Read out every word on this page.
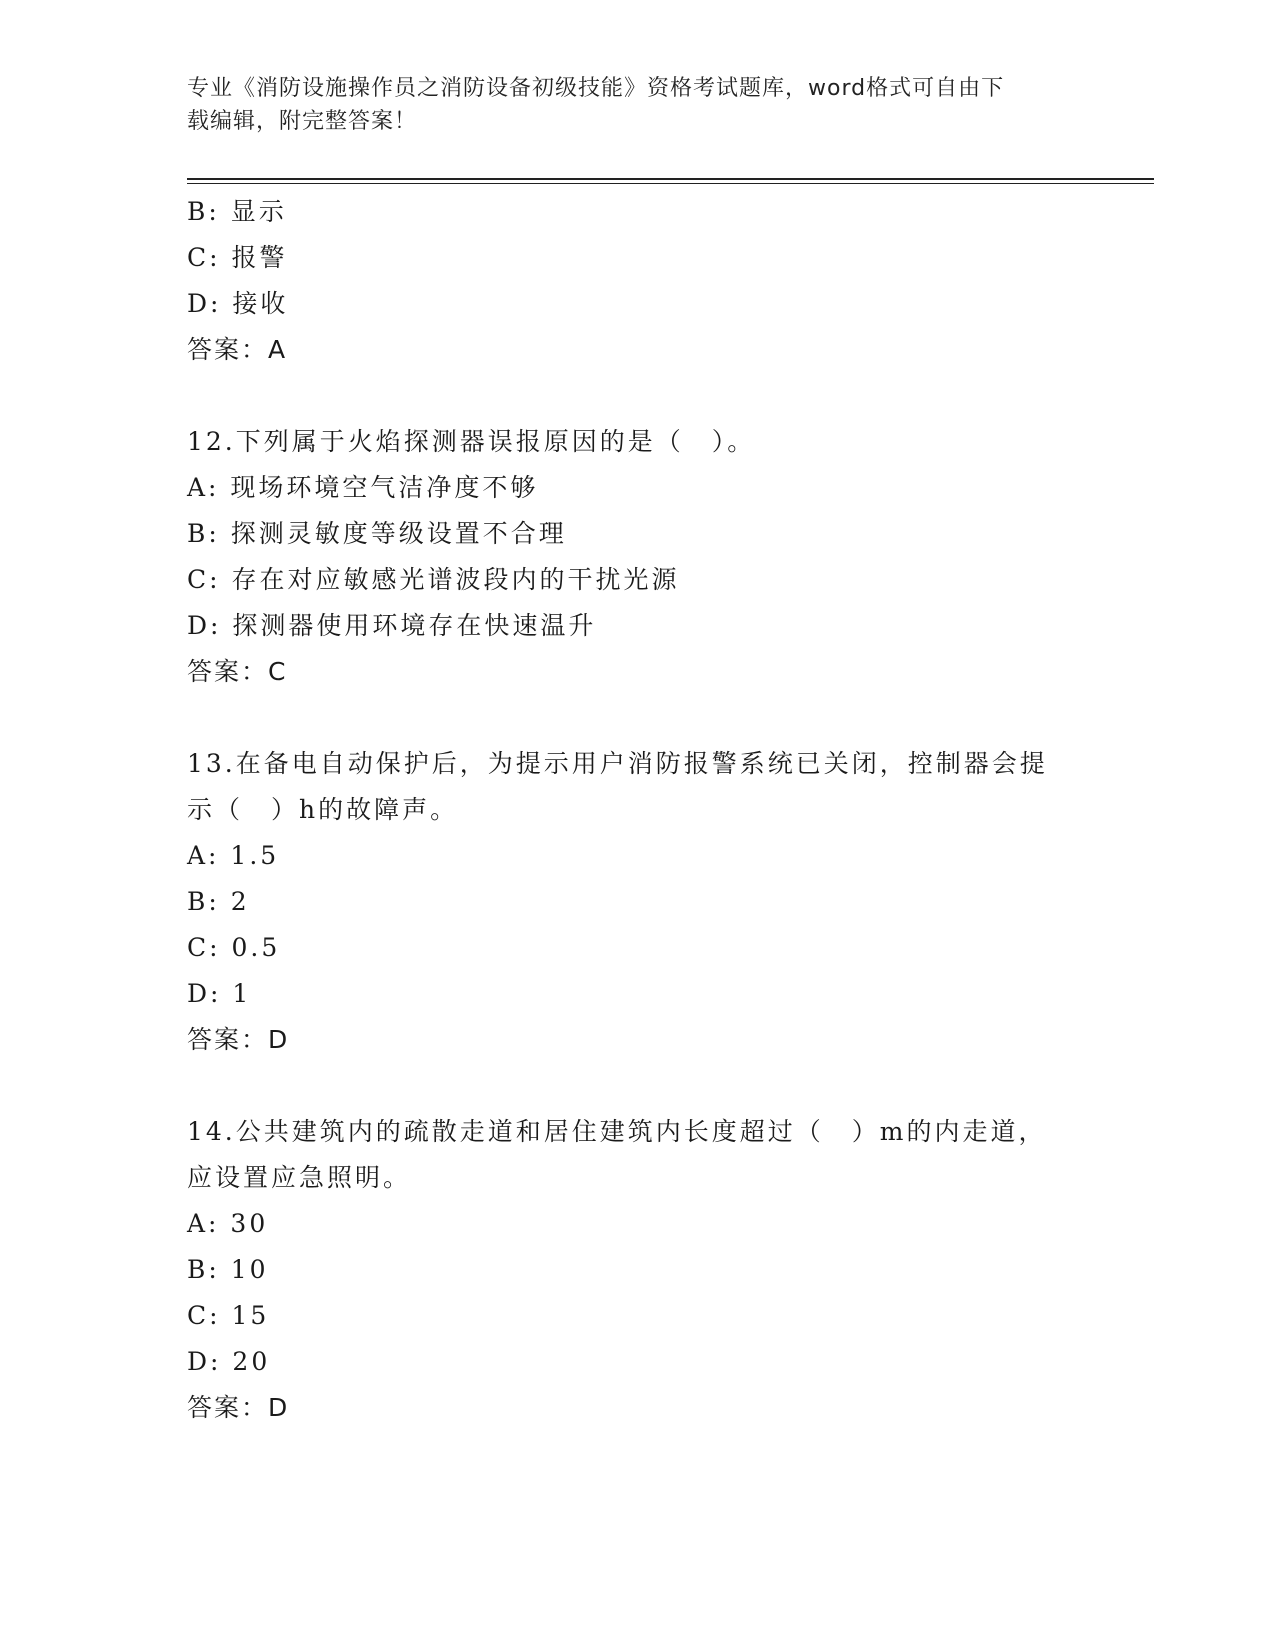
专业《消防设施操作员之消防设备初级技能》资格考试题库，word格式可自由下
载编辑，附完整答案！
B: 显示
C: 报警
D: 接收
答案：A
12.下列属于火焰探测器误报原因的是（　）。
A: 现场环境空气洁净度不够
B: 探测灵敏度等级设置不合理
C: 存在对应敏感光谱波段内的干扰光源
D: 探测器使用环境存在快速温升
答案：C
13.在备电自动保护后，为提示用户消防报警系统已关闭，控制器会提
示（　）h的故障声。
A: 1.5
B: 2
C: 0.5
D: 1
答案：D
14.公共建筑内的疏散走道和居住建筑内长度超过（　）m的内走道，
应设置应急照明。
A: 30
B: 10
C: 15
D: 20
答案：D
